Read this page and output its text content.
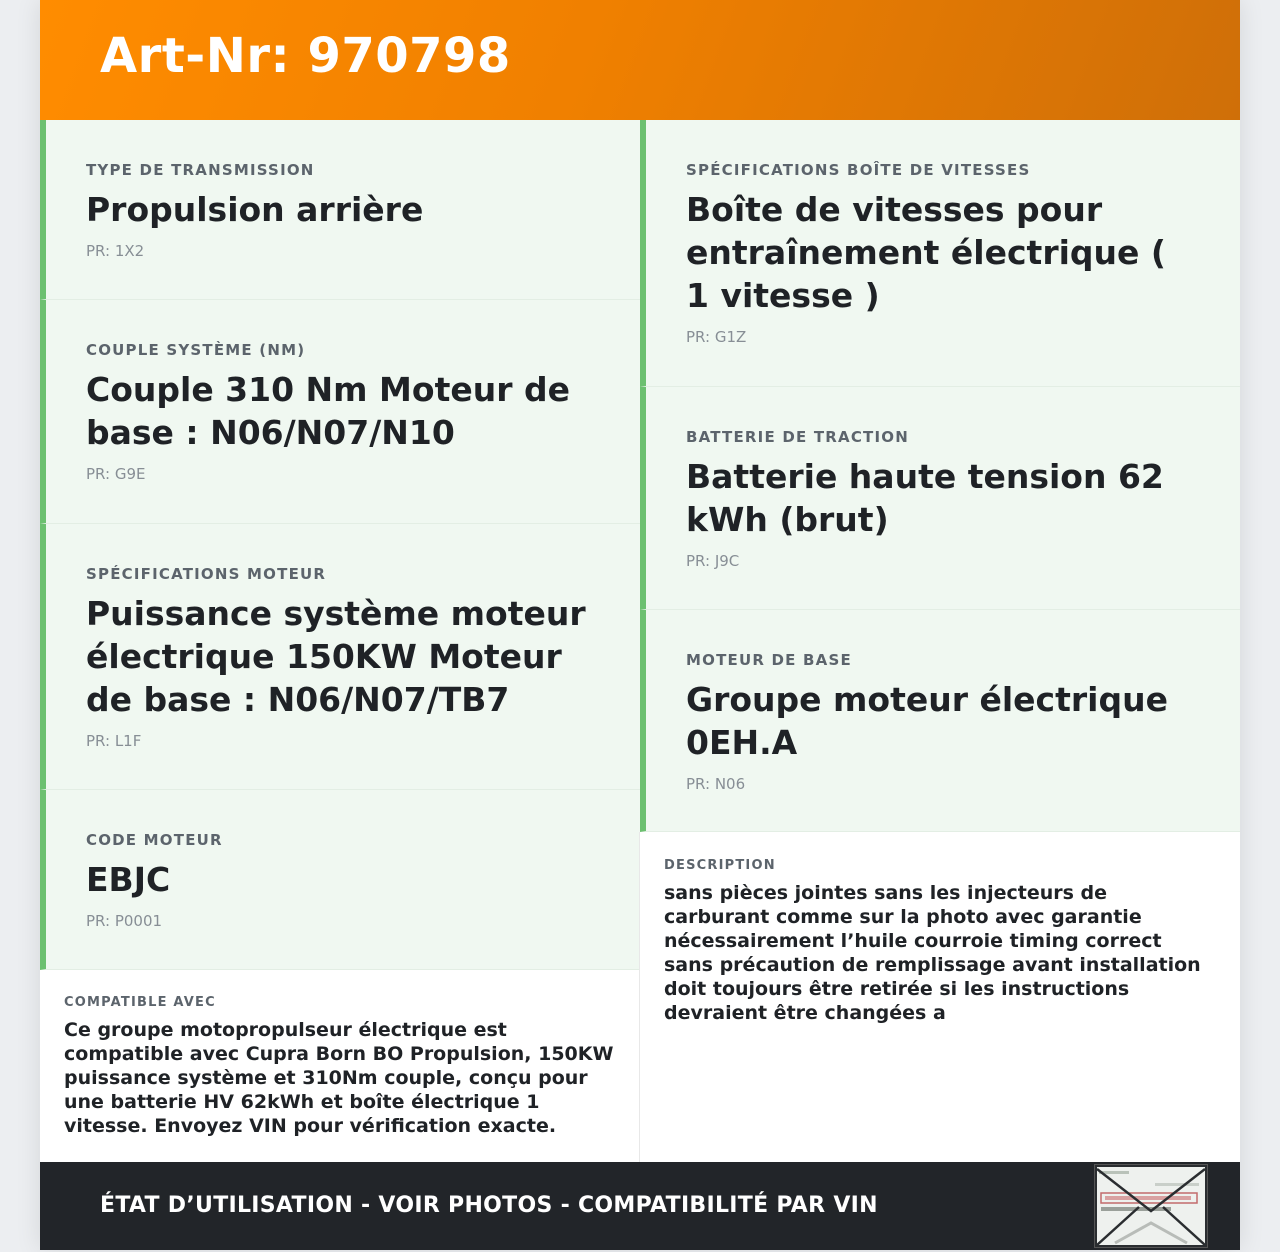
Art-Nr: 970798
TYPE DE TRANSMISSION
Propulsion arrière
PR: 1X2
COUPLE SYSTÈME (NM)
Couple 310 Nm Moteur de base : N06/N07/N10
PR: G9E
SPÉCIFICATIONS MOTEUR
Puissance système moteur électrique 150KW Moteur de base : N06/N07/TB7
PR: L1F
CODE MOTEUR
EBJC
PR: P0001
SPÉCIFICATIONS BOÎTE DE VITESSES
Boîte de vitesses pour entraînement électrique ( 1 vitesse )
PR: G1Z
BATTERIE DE TRACTION
Batterie haute tension 62 kWh (brut)
PR: J9C
MOTEUR DE BASE
Groupe moteur électrique 0EH.A
PR: N06
COMPATIBLE AVEC
Ce groupe motopropulseur électrique est compatible avec Cupra Born BO Propulsion, 150KW puissance système et 310Nm couple, conçu pour une batterie HV 62kWh et boîte électrique 1 vitesse. Envoyez VIN pour vérification exacte.
DESCRIPTION
sans pièces jointes sans les injecteurs de carburant comme sur la photo avec garantie nécessairement l’huile courroie timing correct sans précaution de remplissage avant installation doit toujours être retirée si les instructions devraient être changées a
ÉTAT D’UTILISATION - VOIR PHOTOS - COMPATIBILITÉ PAR VIN
